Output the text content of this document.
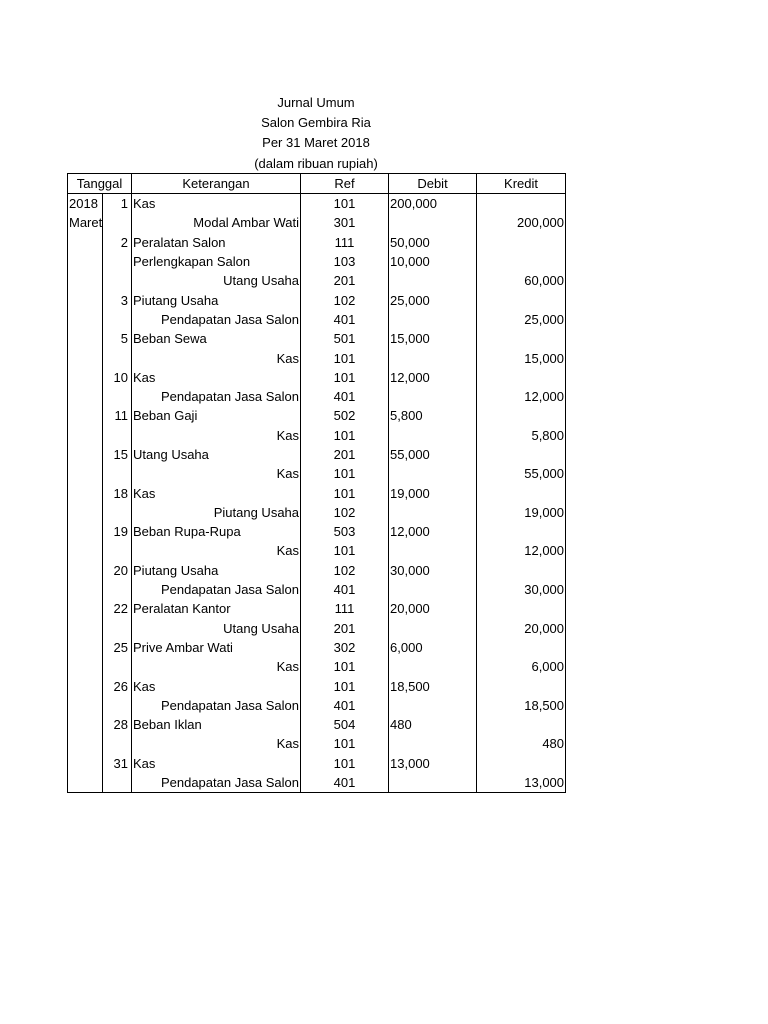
Jurnal Umum
Salon Gembira Ria
Per 31 Maret 2018
(dalam ribuan rupiah)
Tanggal		Keterangan	Ref	Debit	Kredit
2018	1	Kas	101	200,000	
Maret		Modal Ambar Wati	301		200,000
	2	Peralatan Salon	111	50,000	
		Perlengkapan Salon	103	10,000	
		Utang Usaha	201		60,000
	3	Piutang Usaha	102	25,000	
		Pendapatan Jasa Salon	401		25,000
	5	Beban Sewa	501	15,000	
		Kas	101		15,000
	10	Kas	101	12,000	
		Pendapatan Jasa Salon	401		12,000
	11	Beban Gaji	502	5,800	
		Kas	101		5,800
	15	Utang Usaha	201	55,000	
		Kas	101		55,000
	18	Kas	101	19,000	
		Piutang Usaha	102		19,000
	19	Beban Rupa-Rupa	503	12,000	
		Kas	101		12,000
	20	Piutang Usaha	102	30,000	
		Pendapatan Jasa Salon	401		30,000
	22	Peralatan Kantor	111	20,000	
		Utang Usaha	201		20,000
	25	Prive Ambar Wati	302	6,000	
		Kas	101		6,000
	26	Kas	101	18,500	
		Pendapatan Jasa Salon	401		18,500
	28	Beban Iklan	504	480	
		Kas	101		480
	31	Kas	101	13,000	
		Pendapatan Jasa Salon	401		13,000
